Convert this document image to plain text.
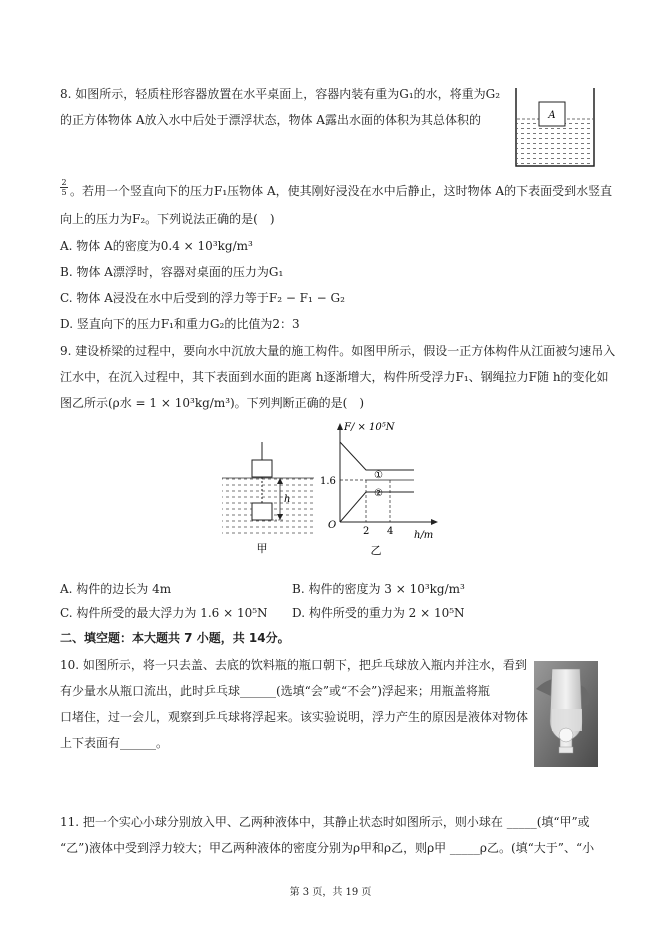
8. 如图所示，轻质柱形容器放置在水平桌面上，容器内装有重为G₁的水，将重为G₂
的正方体物体 A放入水中后处于漂浮状态，物体 A露出水面的体积为其总体积的	A
2
5 。若用一个竖直向下的压力F₁压物体 A，使其刚好浸没在水中后静止，这时物体 A的下表面受到水竖直
向上的压力为F₂。下列说法正确的是(　)
A. 物体 A的密度为0.4 × 10³kg/m³
B. 物体 A漂浮时，容器对桌面的压力为G₁
C. 物体 A浸没在水中后受到的浮力等于F₂ − F₁ − G₂
D. 竖直向下的压力F₁和重力G₂的比值为2：3
9. 建设桥梁的过程中，要向水中沉放大量的施工构件。如图甲所示，假设一正方体构件从江面被匀速吊入
江水中，在沉入过程中，其下表面到水面的距离 h逐渐增大，构件所受浮力F₁、钢绳拉力F随 h的变化如
图乙所示(ρ水 = 1 × 10³kg/m³)。下列判断正确的是(　)
h
甲
F/ × 10⁵N
h/m
O
1.6
2 4
①
②
乙
A. 构件的边长为 4m	B. 构件的密度为 3 × 10³kg/m³
C. 构件所受的最大浮力为 1.6 × 10⁵N D. 构件所受的重力为 2 × 10⁵N
二、填空题：本大题共 7 小题，共 14分。
10. 如图所示，将一只去盖、去底的饮料瓶的瓶口朝下，把乒乓球放入瓶内并注水，看到
有少量水从瓶口流出，此时乒乓球______(选填“会”或“不会”)浮起来；用瓶盖将瓶
口堵住，过一会儿，观察到乒乓球将浮起来。该实验说明，浮力产生的原因是液体对物体
上下表面有______。
11. 把一个实心小球分别放入甲、乙两种液体中，其静止状态时如图所示，则小球在 _____(填“甲”或
“乙”)液体中受到浮力较大；甲乙两种液体的密度分别为ρ甲和ρ乙，则ρ甲 _____ρ乙。(填“大于”、“小
第 3 页，共 19 页
